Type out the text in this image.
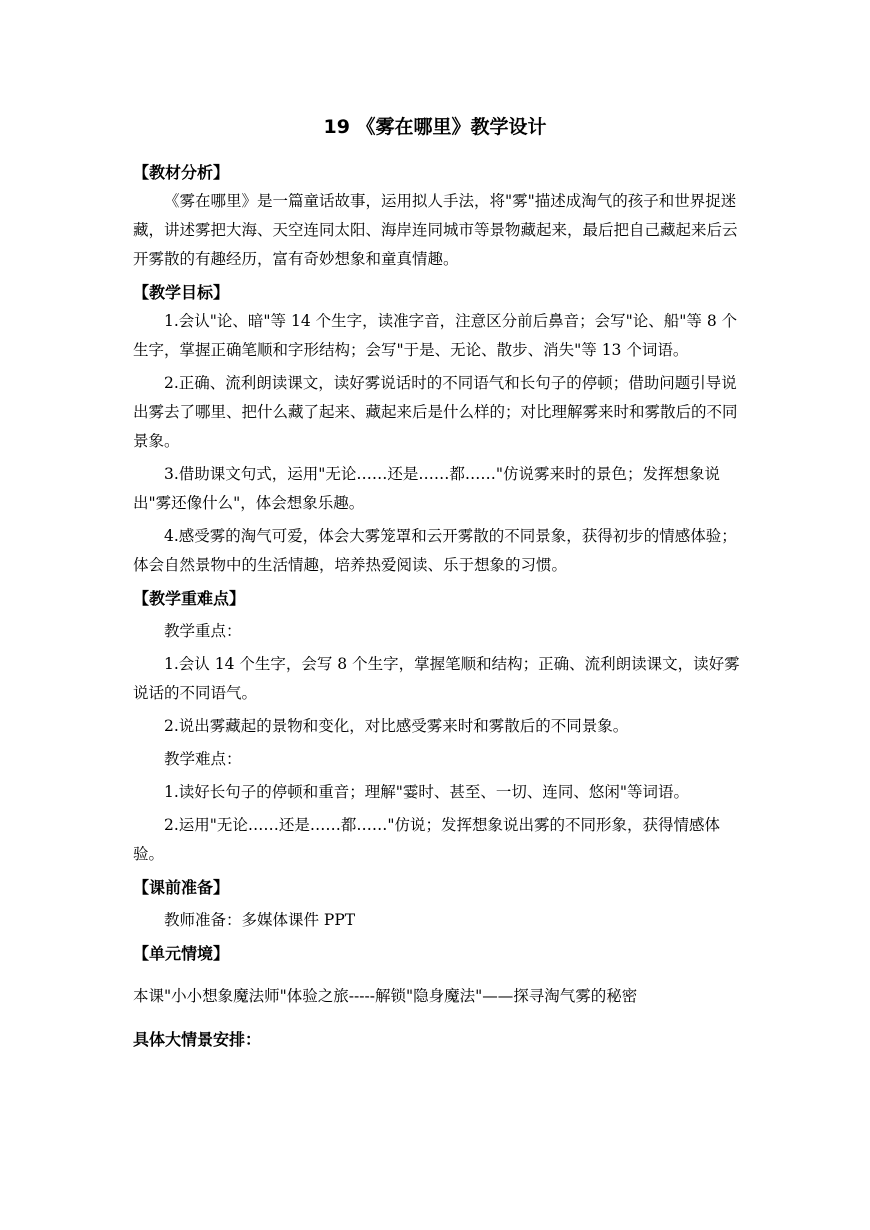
19 《雾在哪里》教学设计

【教材分析】

《雾在哪里》是一篇童话故事，运用拟人手法，将"雾"描述成淘气的孩子和世界捉迷藏，讲述雾把大海、天空连同太阳、海岸连同城市等景物藏起来，最后把自己藏起来后云开雾散的有趣经历，富有奇妙想象和童真情趣。

【教学目标】

1.会认"论、暗"等 14 个生字，读准字音，注意区分前后鼻音；会写"论、船"等 8 个生字，掌握正确笔顺和字形结构；会写"于是、无论、散步、消失"等 13 个词语。

2.正确、流利朗读课文，读好雾说话时的不同语气和长句子的停顿；借助问题引导说出雾去了哪里、把什么藏了起来、藏起来后是什么样的；对比理解雾来时和雾散后的不同景象。

3.借助课文句式，运用"无论……还是……都……"仿说雾来时的景色；发挥想象说出"雾还像什么"，体会想象乐趣。

4.感受雾的淘气可爱，体会大雾笼罩和云开雾散的不同景象，获得初步的情感体验；体会自然景物中的生活情趣，培养热爱阅读、乐于想象的习惯。

【教学重难点】

教学重点：

1.会认 14 个生字，会写 8 个生字，掌握笔顺和结构；正确、流利朗读课文，读好雾说话的不同语气。

2.说出雾藏起的景物和变化，对比感受雾来时和雾散后的不同景象。

教学难点：

1.读好长句子的停顿和重音；理解"霎时、甚至、一切、连同、悠闲"等词语。

2.运用"无论……还是……都……"仿说；发挥想象说出雾的不同形象，获得情感体验。

【课前准备】

教师准备：多媒体课件 PPT

【单元情境】

本课"小小想象魔法师"体验之旅-----解锁"隐身魔法"——探寻淘气雾的秘密

具体大情景安排：
